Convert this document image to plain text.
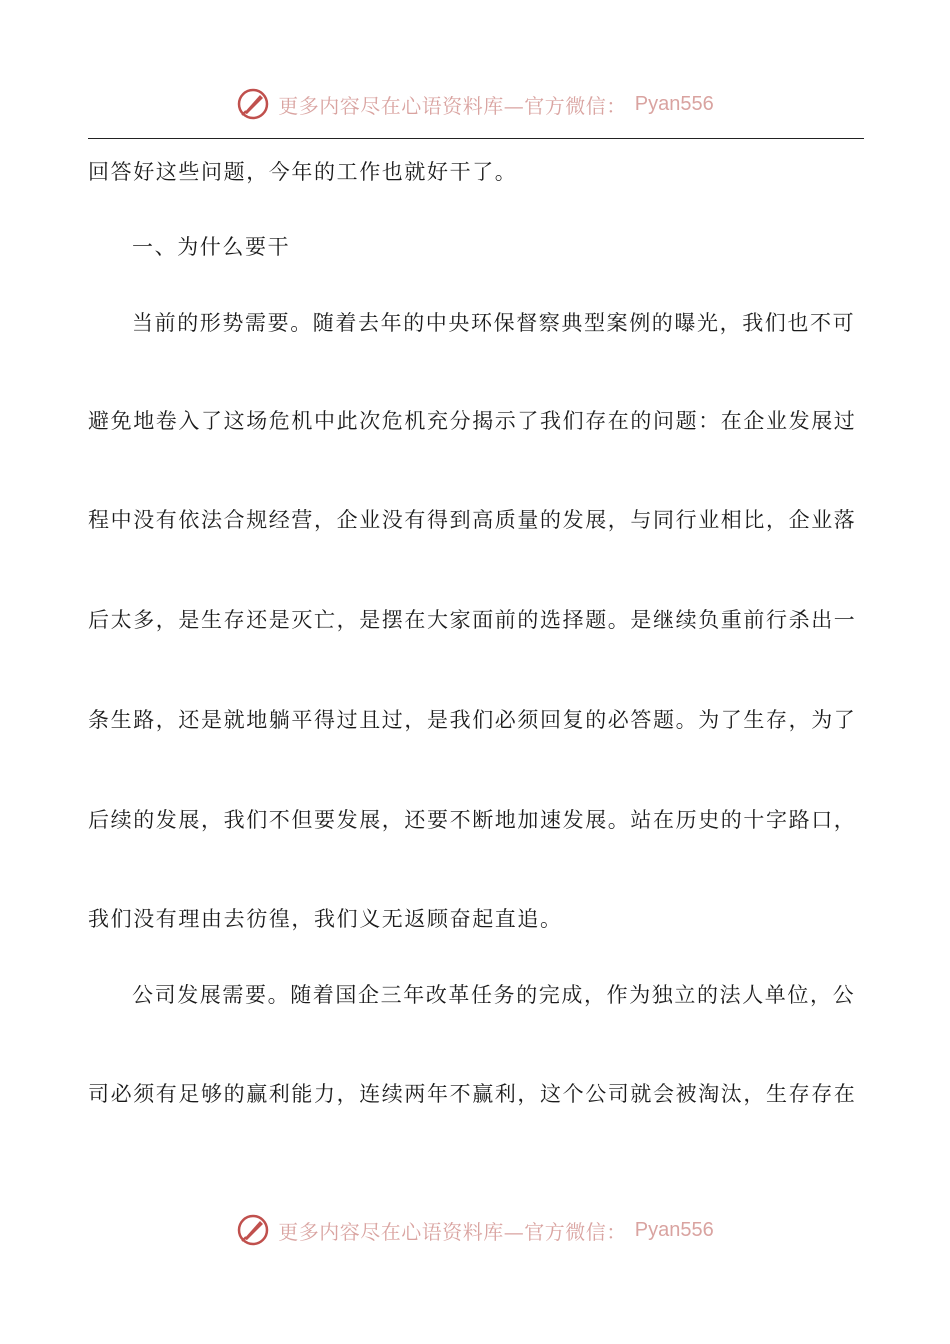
更多内容尽在心语资料库—官方微信： Pyan556
回答好这些问题，今年的工作也就好干了。
一、为什么要干
当前的形势需要。随着去年的中央环保督察典型案例的曝光，我们也不可
避免地卷入了这场危机中此次危机充分揭示了我们存在的问题：在企业发展过
程中没有依法合规经营，企业没有得到高质量的发展，与同行业相比，企业落
后太多，是生存还是灭亡，是摆在大家面前的选择题。是继续负重前行杀出一
条生路，还是就地躺平得过且过，是我们必须回复的必答题。为了生存，为了
后续的发展，我们不但要发展，还要不断地加速发展。站在历史的十字路口，
我们没有理由去彷徨，我们义无返顾奋起直追。
公司发展需要。随着国企三年改革任务的完成，作为独立的法人单位，公
司必须有足够的赢利能力，连续两年不赢利，这个公司就会被淘汰，生存存在
更多内容尽在心语资料库—官方微信： Pyan556
